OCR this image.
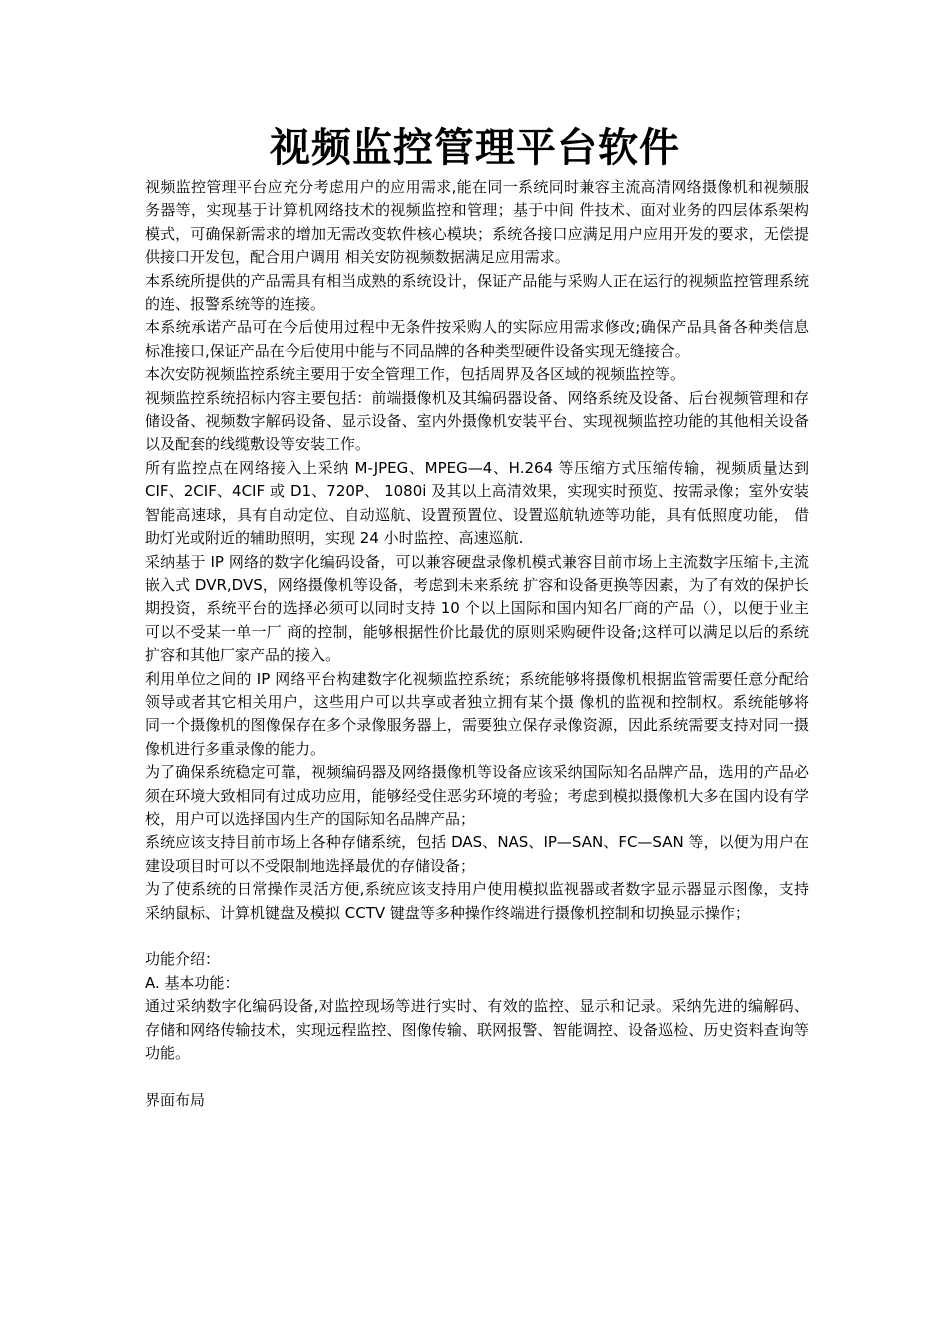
视频监控管理平台软件

视频监控管理平台应充分考虑用户的应用需求,能在同一系统同时兼容主流高清网络摄像机和视频服务器等，实现基于计算机网络技术的视频监控和管理；基于中间 件技术、面对业务的四层体系架构模式，可确保新需求的增加无需改变软件核心模块；系统各接口应满足用户应用开发的要求，无偿提供接口开发包，配合用户调用 相关安防视频数据满足应用需求。

本系统所提供的产品需具有相当成熟的系统设计，保证产品能与采购人正在运行的视频监控管理系统的连、报警系统等的连接。

本系统承诺产品可在今后使用过程中无条件按采购人的实际应用需求修改;确保产品具备各种类信息标准接口,保证产品在今后使用中能与不同品牌的各种类型硬件设备实现无缝接合。

本次安防视频监控系统主要用于安全管理工作，包括周界及各区域的视频监控等。

视频监控系统招标内容主要包括：前端摄像机及其编码器设备、网络系统及设备、后台视频管理和存储设备、视频数字解码设备、显示设备、室内外摄像机安装平台、实现视频监控功能的其他相关设备以及配套的线缆敷设等安装工作。

所有监控点在网络接入上采纳 M-JPEG、MPEG—4、H.264 等压缩方式压缩传输，视频质量达到 CIF、2CIF、4CIF 或 D1、720P、 1080i 及其以上高清效果，实现实时预览、按需录像；室外安装智能高速球，具有自动定位、自动巡航、设置预置位、设置巡航轨迹等功能，具有低照度功能， 借助灯光或附近的辅助照明，实现 24 小时监控、高速巡航.

采纳基于 IP 网络的数字化编码设备，可以兼容硬盘录像机模式兼容目前市场上主流数字压缩卡,主流嵌入式 DVR,DVS，网络摄像机等设备，考虑到未来系统 扩容和设备更换等因素，为了有效的保护长期投资，系统平台的选择必须可以同时支持 10 个以上国际和国内知名厂商的产品（），以便于业主可以不受某一单一厂 商的控制，能够根据性价比最优的原则采购硬件设备;这样可以满足以后的系统扩容和其他厂家产品的接入。

利用单位之间的 IP 网络平台构建数字化视频监控系统；系统能够将摄像机根据监管需要任意分配给领导或者其它相关用户，这些用户可以共享或者独立拥有某个摄 像机的监视和控制权。系统能够将同一个摄像机的图像保存在多个录像服务器上，需要独立保存录像资源，因此系统需要支持对同一摄像机进行多重录像的能力。

为了确保系统稳定可靠，视频编码器及网络摄像机等设备应该采纳国际知名品牌产品，选用的产品必须在环境大致相同有过成功应用，能够经受住恶劣环境的考验；考虑到模拟摄像机大多在国内设有学校，用户可以选择国内生产的国际知名品牌产品；

系统应该支持目前市场上各种存储系统，包括 DAS、NAS、IP—SAN、FC—SAN 等，以便为用户在建设项目时可以不受限制地选择最优的存储设备；

为了使系统的日常操作灵活方便,系统应该支持用户使用模拟监视器或者数字显示器显示图像，支持采纳鼠标、计算机键盘及模拟 CCTV 键盘等多种操作终端进行摄像机控制和切换显示操作；

功能介绍：

A. 基本功能：

通过采纳数字化编码设备,对监控现场等进行实时、有效的监控、显示和记录。采纳先进的编解码、存储和网络传输技术，实现远程监控、图像传输、联网报警、智能调控、设备巡检、历史资料查询等功能。

界面布局
